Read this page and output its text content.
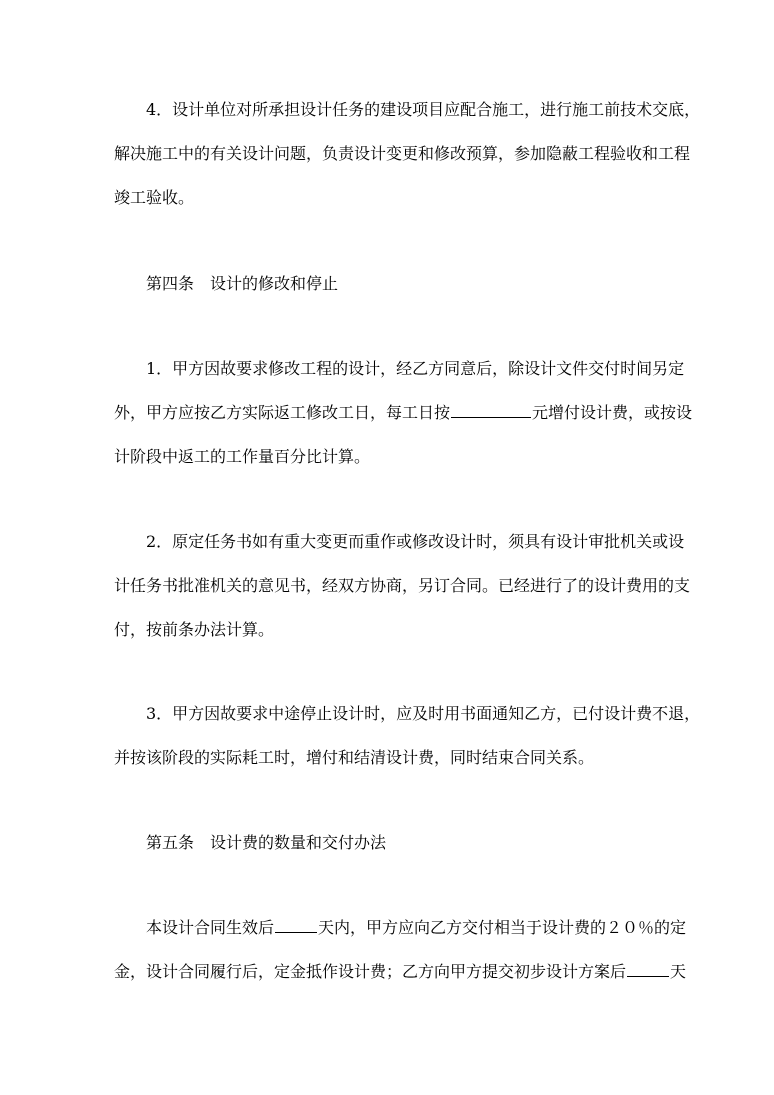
4．设计单位对所承担设计任务的建设项目应配合施工，进行施工前技术交底，
解决施工中的有关设计问题，负责设计变更和修改预算，参加隐蔽工程验收和工程
竣工验收。
第四条　设计的修改和停止
1．甲方因故要求修改工程的设计，经乙方同意后，除设计文件交付时间另定
外，甲方应按乙方实际返工修改工日，每工日按	元增付设计费，或按设
计阶段中返工的工作量百分比计算。
2．原定任务书如有重大变更而重作或修改设计时，须具有设计审批机关或设
计任务书批准机关的意见书，经双方协商，另订合同。已经进行了的设计费用的支
付，按前条办法计算。
3．甲方因故要求中途停止设计时，应及时用书面通知乙方，已付设计费不退，
并按该阶段的实际耗工时，增付和结清设计费，同时结束合同关系。
第五条　设计费的数量和交付办法
本设计合同生效后	天内，甲方应向乙方交付相当于设计费的２０％的定
金，设计合同履行后，定金抵作设计费；乙方向甲方提交初步设计方案后	天
